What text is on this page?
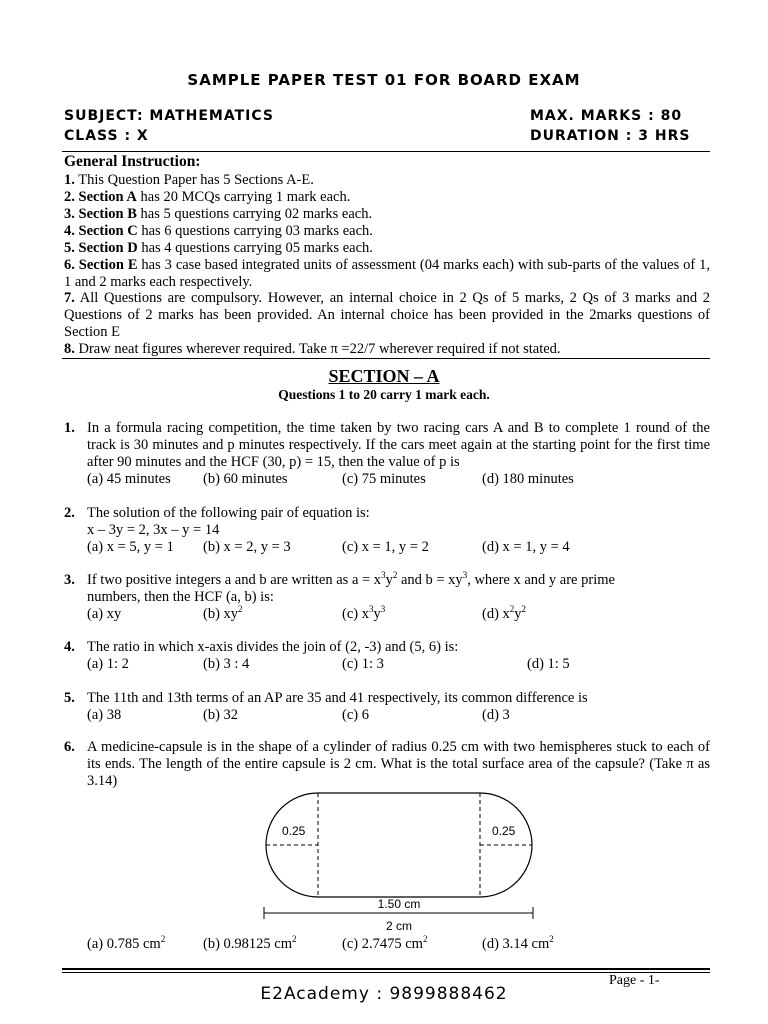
SAMPLE PAPER TEST 01 FOR BOARD EXAM
SUBJECT: MATHEMATICS
CLASS : X
MAX. MARKS : 80
DURATION : 3 HRS
General Instruction:
1. This Question Paper has 5 Sections A-E.
2. Section A has 20 MCQs carrying 1 mark each.
3. Section B has 5 questions carrying 02 marks each.
4. Section C has 6 questions carrying 03 marks each.
5. Section D has 4 questions carrying 05 marks each.
6. Section E has 3 case based integrated units of assessment (04 marks each) with sub-parts of the values of 1, 1 and 2 marks each respectively.
7. All Questions are compulsory. However, an internal choice in 2 Qs of 5 marks, 2 Qs of 3 marks and 2 Questions of 2 marks has been provided. An internal choice has been provided in the 2marks questions of Section E
8. Draw neat figures wherever required. Take π =22/7 wherever required if not stated.
SECTION – A
Questions 1 to 20 carry 1 mark each.
1. In a formula racing competition, the time taken by two racing cars A and B to complete 1 round of the track is 30 minutes and p minutes respectively. If the cars meet again at the starting point for the first time after 90 minutes and the HCF (30, p) = 15, then the value of p is
(a) 45 minutes (b) 60 minutes	(c) 75 minutes	(d) 180 minutes
2. The solution of the following pair of equation is:
x – 3y = 2, 3x – y = 14
(a) x = 5, y = 1 (b) x = 2, y = 3	(c) x = 1, y = 2	(d) x = 1, y = 4
3. If two positive integers a and b are written as $a = x^3y^2$ and $b = xy^3$, where x and y are prime
numbers, then the HCF (a, b) is:
(a) xy	(b) $xy^2$	(c) $x^3y^3$	(d) $x^2y^2$
4. The ratio in which x-axis divides the join of (2, -3) and (5, 6) is:
(a) 1: 2	(b) 3 : 4	(c) 1: 3	(d) 1: 5
5. The 11th and 13th terms of an AP are 35 and 41 respectively, its common difference is
(a) 38	(b) 32	(c) 6	(d) 3
6. A medicine-capsule is in the shape of a cylinder of radius 0.25 cm with two hemispheres stuck to each of its ends. The length of the entire capsule is 2 cm. What is the total surface area of the capsule? (Take π as 3.14)
0.25	0.25
1.50 cm
2 cm
(a) 0.785 $cm^2$	(b) 0.98125 $cm^2$	(c) 2.7475 $cm^2$	(d) 3.14 $cm^2$
Page - 1-
E2Academy : 9899888462
